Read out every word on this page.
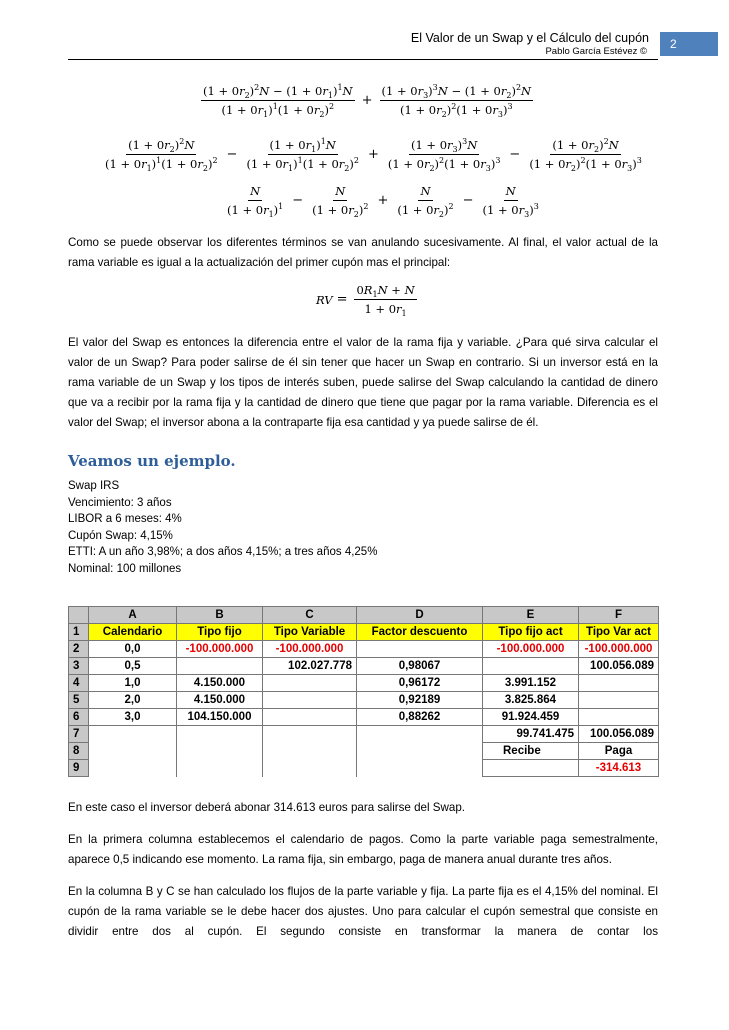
El Valor de un Swap y el Cálculo del cupón
Pablo García Estévez ©
2
$\frac{(1 + 0r_2)^2N - (1 + 0r_1)^1N}{(1 + 0r_1)^1(1 + 0r_2)^2} + \frac{(1 + 0r_3)^3N - (1 + 0r_2)^2N}{(1 + 0r_2)^2(1 + 0r_3)^3}$
$\frac{(1 + 0r_2)^2N}{(1 + 0r_1)^1(1 + 0r_2)^2} - \frac{(1 + 0r_1)^1N}{(1 + 0r_1)^1(1 + 0r_2)^2} + \frac{(1 + 0r_3)^3N}{(1 + 0r_2)^2(1 + 0r_3)^3} - \frac{(1 + 0r_2)^2N}{(1 + 0r_2)^2(1 + 0r_3)^3}$
$\frac{N}{(1 + 0r_1)^1} - \frac{N}{(1 + 0r_2)^2} + \frac{N}{(1 + 0r_2)^2} - \frac{N}{(1 + 0r_3)^3}$
Como se puede observar los diferentes términos se van anulando sucesivamente. Al final, el valor actual de la rama variable es igual a la actualización del primer cupón mas el principal:
RV = $\frac{0R_1N + N}{1 + 0r_1}$
El valor del Swap es entonces la diferencia entre el valor de la rama fija y variable. ¿Para qué sirva calcular el valor de un Swap? Para poder salirse de él sin tener que hacer un Swap en contrario. Si un inversor está en la rama variable de un Swap y los tipos de interés suben, puede salirse del Swap calculando la cantidad de dinero que va a recibir por la rama fija y la cantidad de dinero que tiene que pagar por la rama variable. Diferencia es el valor del Swap; el inversor abona a la contraparte fija esa cantidad y ya puede salirse de él.
Veamos un ejemplo.
Swap IRS
Vencimiento: 3 años
LIBOR a 6 meses: 4%
Cupón Swap: 4,15%
ETTI: A un año 3,98%; a dos años 4,15%; a tres años 4,25%
Nominal: 100 millones
	A	B	C	D	E	F
1	Calendario	Tipo fijo	Tipo Variable	Factor descuento	Tipo fijo act	Tipo Var act
2	0,0	-100.000.000	-100.000.000		-100.000.000	-100.000.000
3	0,5		102.027.778	0,98067		100.056.089
4	1,0	4.150.000		0,96172	3.991.152	
5	2,0	4.150.000		0,92189	3.825.864	
6	3,0	104.150.000		0,88262	91.924.459	
7					99.741.475	100.056.089
8					Recibe	Paga
9						-314.613
En este caso el inversor deberá abonar 314.613 euros para salirse del Swap.
En la primera columna establecemos el calendario de pagos. Como la parte variable paga semestralmente, aparece 0,5 indicando ese momento. La rama fija, sin embargo, paga de manera anual durante tres años.
En la columna B y C se han calculado los flujos de la parte variable y fija. La parte fija es el 4,15% del nominal. El cupón de la rama variable se le debe hacer dos ajustes. Uno para calcular el cupón semestral que consiste en dividir entre dos al cupón. El segundo consiste en transformar la manera de contar los
